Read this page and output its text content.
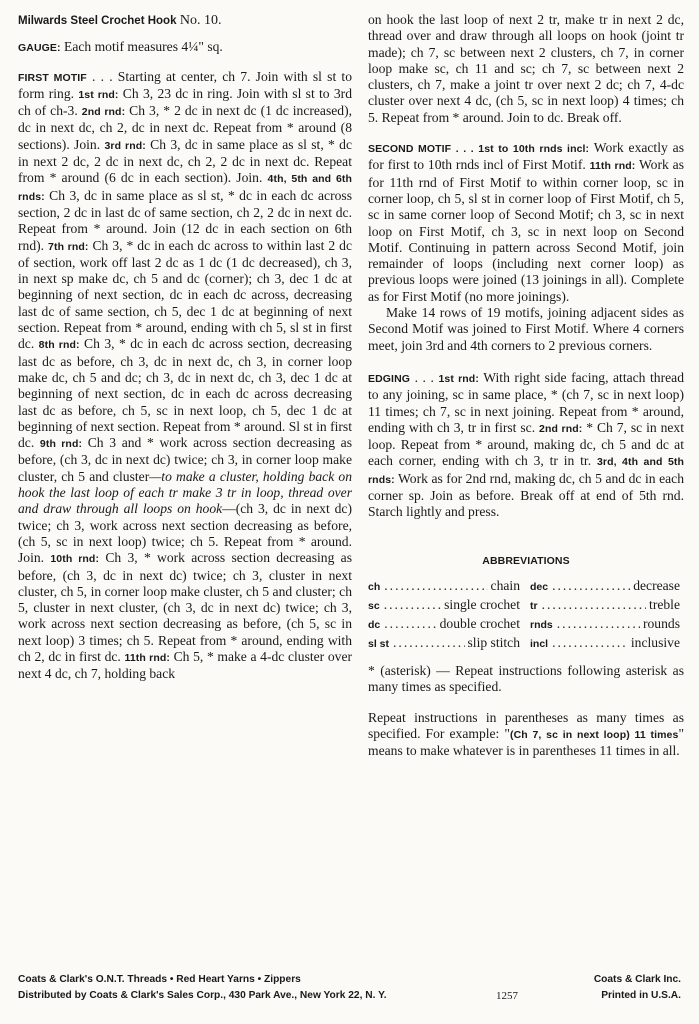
Milwards Steel Crochet Hook No. 10.

GAUGE: Each motif measures 4¼" sq.

FIRST MOTIF . . . Starting at center, ch 7. Join with sl st to form ring. 1st rnd: Ch 3, 23 dc in ring. Join with sl st to 3rd ch of ch-3. 2nd rnd: Ch 3, * 2 dc in next dc (1 dc increased), dc in next dc, ch 2, dc in next dc. Repeat from * around (8 sections). Join. 3rd rnd: Ch 3, dc in same place as sl st, * dc in next 2 dc, 2 dc in next dc, ch 2, 2 dc in next dc. Repeat from * around (6 dc in each section). Join. 4th, 5th and 6th rnds: Ch 3, dc in same place as sl st, * dc in each dc across section, 2 dc in last dc of same section, ch 2, 2 dc in next dc. Repeat from * around. Join (12 dc in each section on 6th rnd). 7th rnd: Ch 3, * dc in each dc across to within last 2 dc of section, work off last 2 dc as 1 dc (1 dc decreased), ch 3, in next sp make dc, ch 5 and dc (corner); ch 3, dec 1 dc at beginning of next section, dc in each dc across, decreasing last dc of same section, ch 5, dec 1 dc at beginning of next section. Repeat from * around, ending with ch 5, sl st in first dc. 8th rnd: Ch 3, * dc in each dc across section, decreasing last dc as before, ch 3, dc in next dc, ch 3, in corner loop make dc, ch 5 and dc; ch 3, dc in next dc, ch 3, dec 1 dc at beginning of next section, dc in each dc across decreasing last dc as before, ch 5, sc in next loop, ch 5, dec 1 dc at beginning of next section. Repeat from * around. Sl st in first dc. 9th rnd: Ch 3 and * work across section decreasing as before, (ch 3, dc in next dc) twice; ch 3, in corner loop make cluster, ch 5 and cluster—to make a cluster, holding back on hook the last loop of each tr make 3 tr in loop, thread over and draw through all loops on hook—(ch 3, dc in next dc) twice; ch 3, work across next section decreasing as before, (ch 5, sc in next loop) twice; ch 5. Repeat from * around. Join. 10th rnd: Ch 3, * work across section decreasing as before, (ch 3, dc in next dc) twice; ch 3, cluster in next cluster, ch 5, in corner loop make cluster, ch 5 and cluster; ch 5, cluster in next cluster, (ch 3, dc in next dc) twice; ch 3, work across next section decreasing as before, (ch 5, sc in next loop) 3 times; ch 5. Repeat from * around, ending with ch 2, dc in first dc. 11th rnd: Ch 5, * make a 4-dc cluster over next 4 dc, ch 7, holding back

on hook the last loop of next 2 tr, make tr in next 2 dc, thread over and draw through all loops on hook (joint tr made); ch 7, sc between next 2 clusters, ch 7, in corner loop make sc, ch 11 and sc; ch 7, sc between next 2 clusters, ch 7, make a joint tr over next 2 dc; ch 7, 4-dc cluster over next 4 dc, (ch 5, sc in next loop) 4 times; ch 5. Repeat from * around. Join to dc. Break off.

SECOND MOTIF . . . 1st to 10th rnds incl: Work exactly as for first to 10th rnds incl of First Motif. 11th rnd: Work as for 11th rnd of First Motif to within corner loop, sc in corner loop, ch 5, sl st in corner loop of First Motif, ch 5, sc in same corner loop of Second Motif; ch 3, sc in next loop on First Motif, ch 3, sc in next loop on Second Motif. Continuing in pattern across Second Motif, join remainder of loops (including next corner loop) as previous loops were joined (13 joinings in all). Complete as for First Motif (no more joinings).

Make 14 rows of 19 motifs, joining adjacent sides as Second Motif was joined to First Motif. Where 4 corners meet, join 3rd and 4th corners to 2 previous corners.

EDGING . . . 1st rnd: With right side facing, attach thread to any joining, sc in same place, * (ch 7, sc in next loop) 11 times; ch 7, sc in next joining. Repeat from * around, ending with ch 3, tr in first sc. 2nd rnd: * Ch 7, sc in next loop. Repeat from * around, making dc, ch 5 and dc at each corner, ending with ch 3, tr in tr. 3rd, 4th and 5th rnds: Work as for 2nd rnd, making dc, ch 5 and dc in each corner sp. Join as before. Break off at end of 5th rnd. Starch lightly and press.

ABBREVIATIONS

ch .....	chain dec .....	decrease
sc .....	single crochet tr .....	treble
dc .....	double crochet rnds .....	rounds
sl st .....	slip stitch incl .....	inclusive

* (asterisk) — Repeat instructions following asterisk as many times as specified.

Repeat instructions in parentheses as many times as specified. For example: "(Ch 7, sc in next loop) 11 times" means to make whatever is in parentheses 11 times in all.

Coats & Clark's O.N.T. Threads • Red Heart Yarns • Zippers	Coats & Clark Inc.
Distributed by Coats & Clark's Sales Corp., 430 Park Ave., New York 22, N. Y.	Printed in U.S.A.
1257
